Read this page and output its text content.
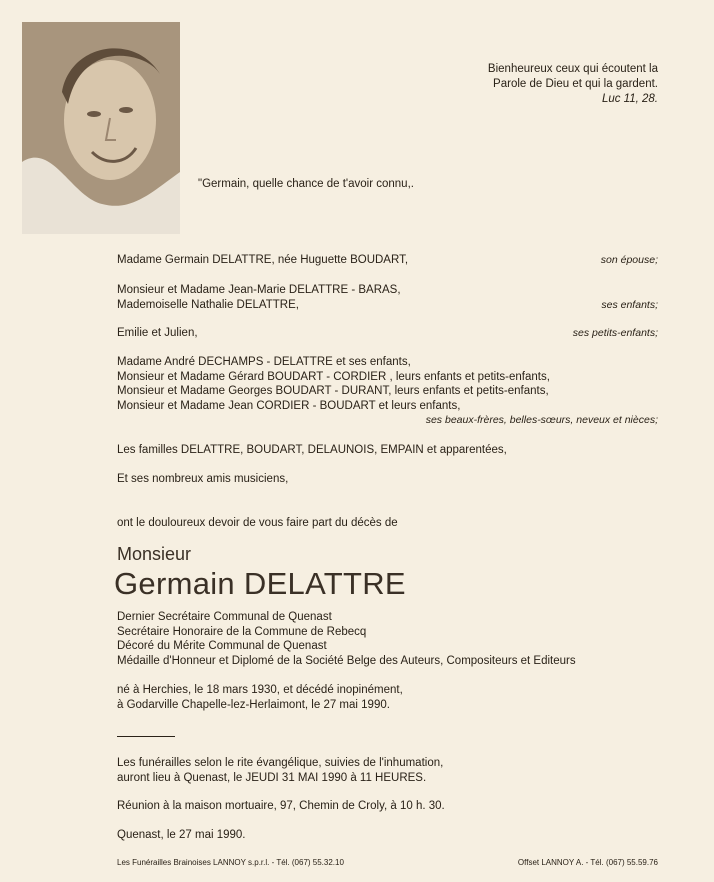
Bienheureux ceux qui écoutent la
Parole de Dieu et qui la gardent.
Luc 11, 28.
"Germain, quelle chance de t'avoir connu,.
Madame Germain DELATTRE, née Huguette BOUDART,	son épouse;
Monsieur et Madame Jean-Marie DELATTRE - BARAS,
Mademoiselle Nathalie DELATTRE,	ses enfants;
Emilie et Julien,	ses petits-enfants;
Madame André DECHAMPS - DELATTRE et ses enfants,
Monsieur et Madame Gérard BOUDART - CORDIER , leurs enfants et petits-enfants,
Monsieur et Madame Georges BOUDART - DURANT, leurs enfants et petits-enfants,
Monsieur et Madame Jean CORDIER - BOUDART et leurs enfants,
ses beaux-frères, belles-sœurs, neveux et nièces;
Les familles DELATTRE, BOUDART, DELAUNOIS, EMPAIN et apparentées,
Et ses nombreux amis musiciens,
ont le douloureux devoir de vous faire part du décès de
Monsieur
Germain DELATTRE
Dernier Secrétaire Communal de Quenast
Secrétaire Honoraire de la Commune de Rebecq
Décoré du Mérite Communal de Quenast
Médaille d'Honneur et Diplomé de la Société Belge des Auteurs, Compositeurs et Editeurs
né à Herchies, le 18 mars 1930, et décédé inopinément,
à Godarville Chapelle-lez-Herlaimont, le 27 mai 1990.
Les funérailles selon le rite évangélique, suivies de l'inhumation,
auront lieu à Quenast, le JEUDI 31 MAI 1990 à 11 HEURES.
Réunion à la maison mortuaire, 97, Chemin de Croly, à 10 h. 30.
Quenast, le 27 mai 1990.
Les Funérailles Brainoises LANNOY s.p.r.l. - Tél. (067) 55.32.10	Offset LANNOY A. - Tél. (067) 55.59.76
